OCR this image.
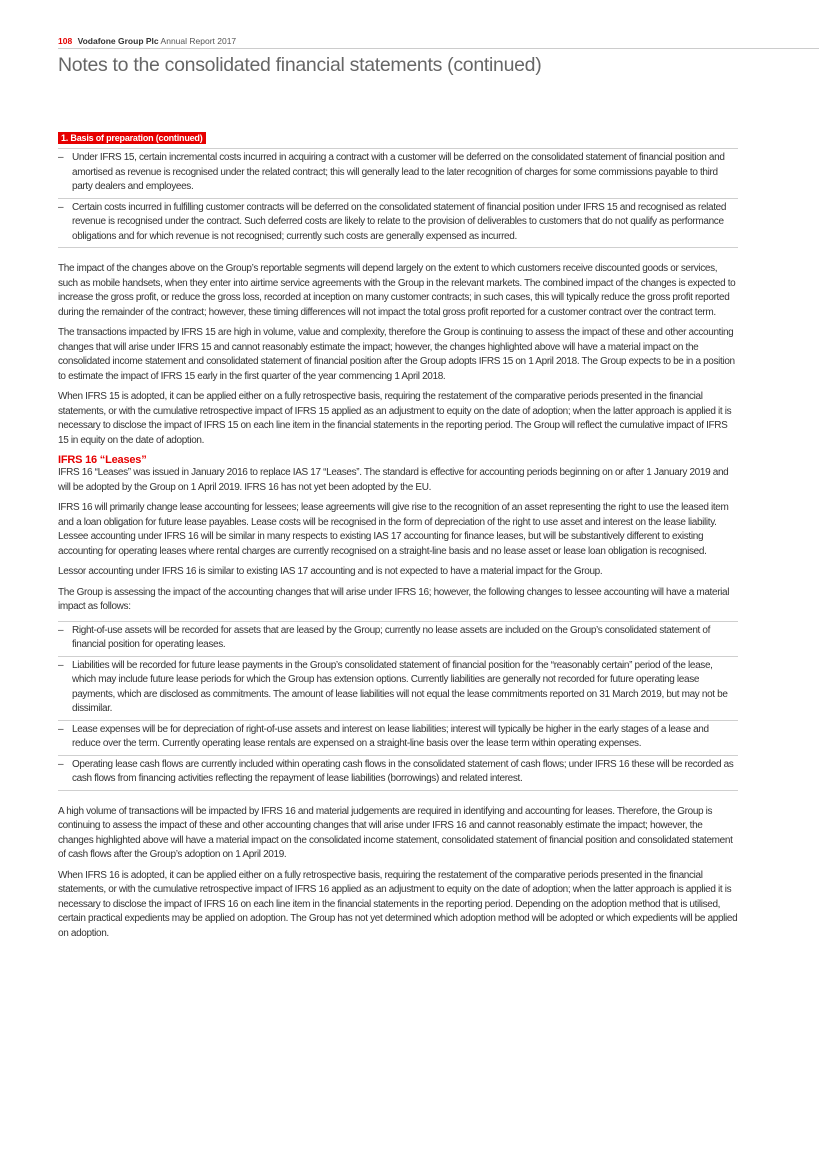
108 Vodafone Group Plc Annual Report 2017
Notes to the consolidated financial statements (continued)
1. Basis of preparation (continued)
– Under IFRS 15, certain incremental costs incurred in acquiring a contract with a customer will be deferred on the consolidated statement of financial position and amortised as revenue is recognised under the related contract; this will generally lead to the later recognition of charges for some commissions payable to third party dealers and employees.
– Certain costs incurred in fulfilling customer contracts will be deferred on the consolidated statement of financial position under IFRS 15 and recognised as related revenue is recognised under the contract. Such deferred costs are likely to relate to the provision of deliverables to customers that do not qualify as performance obligations and for which revenue is not recognised; currently such costs are generally expensed as incurred.

The impact of the changes above on the Group’s reportable segments will depend largely on the extent to which customers receive discounted goods or services, such as mobile handsets, when they enter into airtime service agreements with the Group in the relevant markets. The combined impact of the changes is expected to increase the gross profit, or reduce the gross loss, recorded at inception on many customer contracts; in such cases, this will typically reduce the gross profit reported during the remainder of the contract; however, these timing differences will not impact the total gross profit reported for a customer contract over the contract term.

The transactions impacted by IFRS 15 are high in volume, value and complexity, therefore the Group is continuing to assess the impact of these and other accounting changes that will arise under IFRS 15 and cannot reasonably estimate the impact; however, the changes highlighted above will have a material impact on the consolidated income statement and consolidated statement of financial position after the Group adopts IFRS 15 on 1 April 2018. The Group expects to be in a position to estimate the impact of IFRS 15 early in the first quarter of the year commencing 1 April 2018.

When IFRS 15 is adopted, it can be applied either on a fully retrospective basis, requiring the restatement of the comparative periods presented in the financial statements, or with the cumulative retrospective impact of IFRS 15 applied as an adjustment to equity on the date of adoption; when the latter approach is applied it is necessary to disclose the impact of IFRS 15 on each line item in the financial statements in the reporting period. The Group will reflect the cumulative impact of IFRS 15 in equity on the date of adoption.

IFRS 16 “Leases”

IFRS 16 “Leases” was issued in January 2016 to replace IAS 17 “Leases”. The standard is effective for accounting periods beginning on or after 1 January 2019 and will be adopted by the Group on 1 April 2019. IFRS 16 has not yet been adopted by the EU.

IFRS 16 will primarily change lease accounting for lessees; lease agreements will give rise to the recognition of an asset representing the right to use the leased item and a loan obligation for future lease payables. Lease costs will be recognised in the form of depreciation of the right to use asset and interest on the lease liability. Lessee accounting under IFRS 16 will be similar in many respects to existing IAS 17 accounting for finance leases, but will be substantively different to existing accounting for operating leases where rental charges are currently recognised on a straight-line basis and no lease asset or lease loan obligation is recognised.

Lessor accounting under IFRS 16 is similar to existing IAS 17 accounting and is not expected to have a material impact for the Group.

The Group is assessing the impact of the accounting changes that will arise under IFRS 16; however, the following changes to lessee accounting will have a material impact as follows:

– Right-of-use assets will be recorded for assets that are leased by the Group; currently no lease assets are included on the Group’s consolidated statement of financial position for operating leases.
– Liabilities will be recorded for future lease payments in the Group’s consolidated statement of financial position for the “reasonably certain” period of the lease, which may include future lease periods for which the Group has extension options. Currently liabilities are generally not recorded for future operating lease payments, which are disclosed as commitments. The amount of lease liabilities will not equal the lease commitments reported on 31 March 2019, but may not be dissimilar.
– Lease expenses will be for depreciation of right-of-use assets and interest on lease liabilities; interest will typically be higher in the early stages of a lease and reduce over the term. Currently operating lease rentals are expensed on a straight-line basis over the lease term within operating expenses.
– Operating lease cash flows are currently included within operating cash flows in the consolidated statement of cash flows; under IFRS 16 these will be recorded as cash flows from financing activities reflecting the repayment of lease liabilities (borrowings) and related interest.

A high volume of transactions will be impacted by IFRS 16 and material judgements are required in identifying and accounting for leases. Therefore, the Group is continuing to assess the impact of these and other accounting changes that will arise under IFRS 16 and cannot reasonably estimate the impact; however, the changes highlighted above will have a material impact on the consolidated income statement, consolidated statement of financial position and consolidated statement of cash flows after the Group’s adoption on 1 April 2019.

When IFRS 16 is adopted, it can be applied either on a fully retrospective basis, requiring the restatement of the comparative periods presented in the financial statements, or with the cumulative retrospective impact of IFRS 16 applied as an adjustment to equity on the date of adoption; when the latter approach is applied it is necessary to disclose the impact of IFRS 16 on each line item in the financial statements in the reporting period. Depending on the adoption method that is utilised, certain practical expedients may be applied on adoption. The Group has not yet determined which adoption method will be adopted or which expedients will be applied on adoption.
